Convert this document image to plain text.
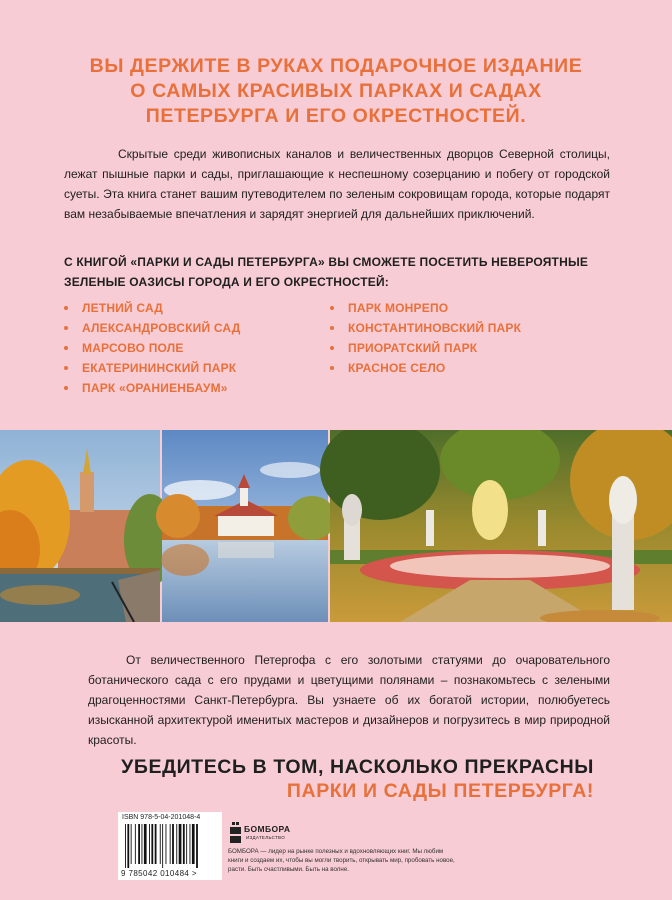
ВЫ ДЕРЖИТЕ В РУКАХ ПОДАРОЧНОЕ ИЗДАНИЕ
О САМЫХ КРАСИВЫХ ПАРКАХ И САДАХ
ПЕТЕРБУРГА И ЕГО ОКРЕСТНОСТЕЙ.
Скрытые среди живописных каналов и величественных дворцов Северной столицы, лежат пышные парки и сады, приглашающие к неспешному созерцанию и побегу от городской суеты. Эта книга станет вашим путеводителем по зеленым сокровищам города, которые подарят вам незабываемые впечатления и зарядят энергией для дальнейших приключений.
С КНИГОЙ «ПАРКИ И САДЫ ПЕТЕРБУРГА» ВЫ СМОЖЕТЕ ПОСЕТИТЬ НЕВЕРОЯТНЫЕ
ЗЕЛЕНЫЕ ОАЗИСЫ ГОРОДА И ЕГО ОКРЕСТНОСТЕЙ:
ЛЕТНИЙ САД
АЛЕКСАНДРОВСКИЙ САД
МАРСОВО ПОЛЕ
ЕКАТЕРИНИНСКИЙ ПАРК
ПАРК «ОРАНИЕНБАУМ»
ПАРК МОНРЕПО
КОНСТАНТИНОВСКИЙ ПАРК
ПРИОРАТСКИЙ ПАРК
КРАСНОЕ СЕЛО
От величественного Петергофа с его золотыми статуями до очаровательного ботанического сада с его прудами и цветущими полянами – познакомьтесь с зелеными драгоценностями Санкт-Петербурга. Вы узнаете об их богатой истории, полюбуетесь изысканной архитектурой именитых мастеров и дизайнеров и погрузитесь в мир природной красоты.
УБЕДИТЕСЬ В ТОМ, НАСКОЛЬКО ПРЕКРАСНЫ
ПАРКИ И САДЫ ПЕТЕРБУРГА!
ISBN 978-5-04-201048-4
9 785042 010484 >
БОМБОРА
ИЗДАТЕЛЬСТВО
БОМБОРА — лидер на рынке полезных и вдохновляющих книг. Мы любим книги и создаем их, чтобы вы могли творить, открывать мир, пробовать новое, расти. Быть счастливыми. Быть на волне.
